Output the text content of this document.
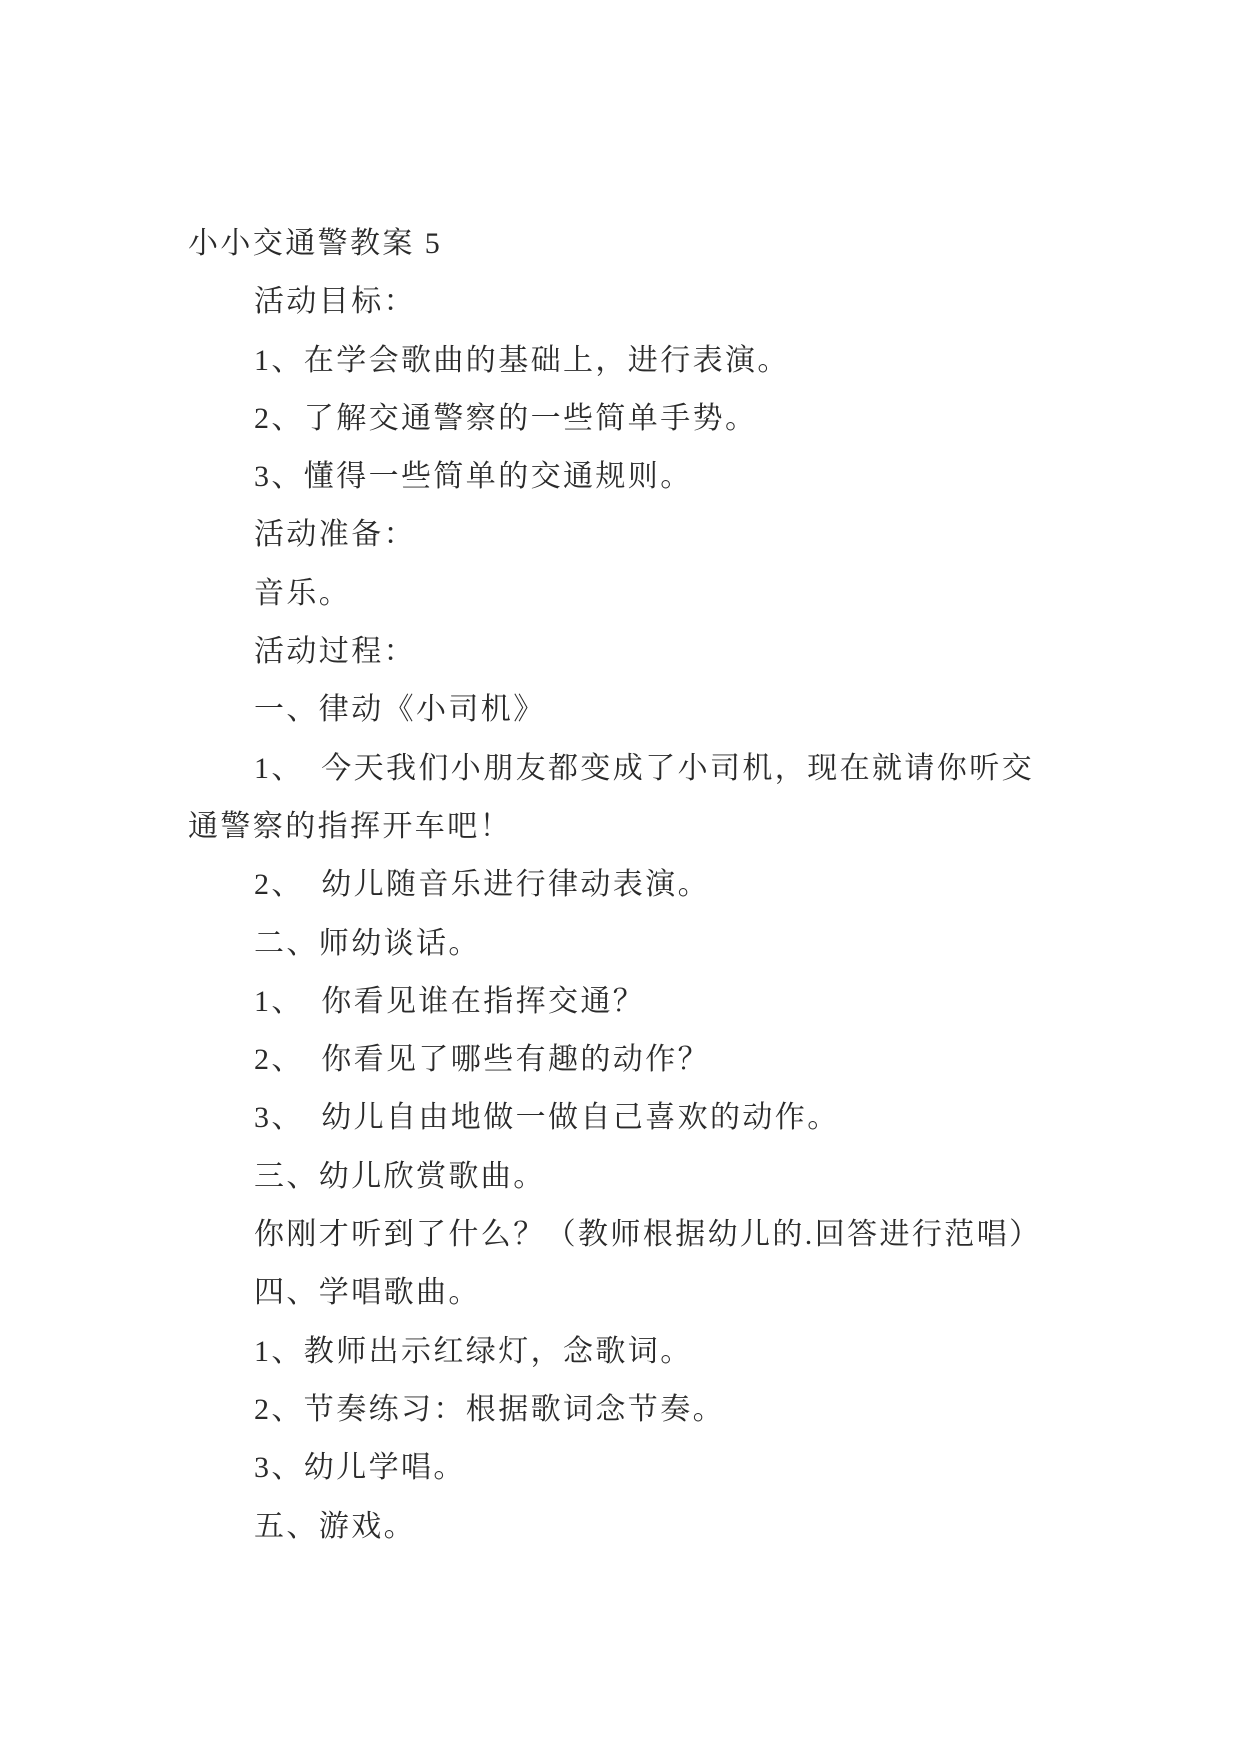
小小交通警教案 5
活动目标：
1、在学会歌曲的基础上，进行表演。
2、了解交通警察的一些简单手势。
3、懂得一些简单的交通规则。
活动准备：
音乐。
活动过程：
一、律动《小司机》
1、　今天我们小朋友都变成了小司机，现在就请你听交
通警察的指挥开车吧！
2、　幼儿随音乐进行律动表演。
二、师幼谈话。
1、　你看见谁在指挥交通？
2、　你看见了哪些有趣的动作？
3、　幼儿自由地做一做自己喜欢的动作。
三、幼儿欣赏歌曲。
你刚才听到了什么？（教师根据幼儿的.回答进行范唱）
四、学唱歌曲。
1、教师出示红绿灯，念歌词。
2、节奏练习：根据歌词念节奏。
3、幼儿学唱。
五、游戏。
